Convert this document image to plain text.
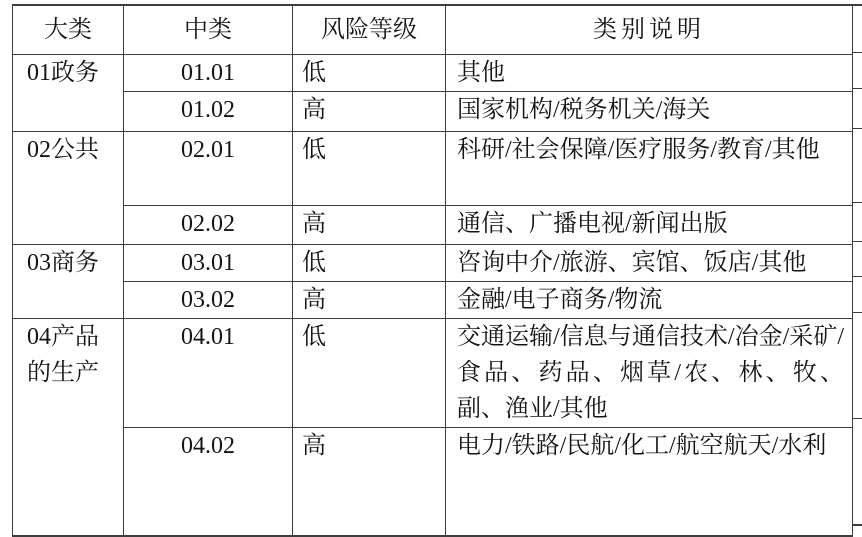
大类	中类	风险等级	类别说明
01政务	01.01	低	其他
	01.02	高	国家机构/税务机关/海关
02公共	02.01	低	科研/社会保障/医疗服务/教育/其他
	02.02	高	通信、广播电视/新闻出版
03商务	03.01	低	咨询中介/旅游、宾馆、饭店/其他
	03.02	高	金融/电子商务/物流
04产品的生产	04.01	低	交通运输/信息与通信技术/冶金/采矿/食品、药品、烟草/农、林、牧、副、渔业/其他
	04.02	高	电力/铁路/民航/化工/航空航天/水利
